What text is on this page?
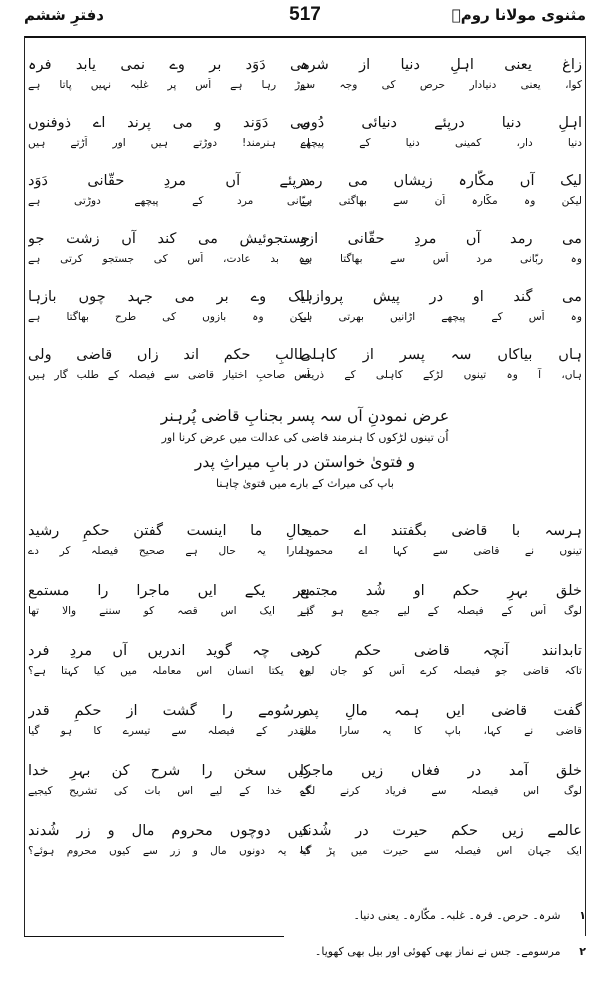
مثنوی مولانا رومؒ
517
دفترِ ششم
زاغ یعنی اہلِ دنیا از شرہ
می دَوَد بر وے نمی یابد فرہ
کوا، یعنی دنیادار حرص کی وجہ سے
دوڑ رہا ہے اُس پر غلبہ نہیں پاتا ہے
اہلِ دنیا درپئے دنیائی دُوں
می دَوَند و می پرند اے ذوفنوں
دنیا دار، کمینی دنیا کے پیچھے
اے ہنرمند! دوڑتے ہیں اور اُڑتے ہیں
لیک آں مکّارہ زیشاں می رمد
درپئے آں مردِ حقّانی دَوَد
لیکن وہ مکّارہ اُن سے بھاگتی ہے
ربّانی مرد کے پیچھے دوڑتی ہے
می رمد آں مردِ حقّانی ازو
جستجوئیش می کند آں زشت جو
وہ ربّانی مرد اُس سے بھاگتا ہے
وہ بد عادت، اُس کی جستجو کرتی ہے
می گند او در پیش پروازہا
لیک وے بر می جہد چوں بازہا
وہ اُس کے پیچھے اڑانیں بھرتی ہے
لیکن وہ بازوں کی طرح بھاگتا ہے
ہاں بیاکاں سہ پسر از کاہلی
طالبِ حکم اند زاں قاضی ولی
ہاں، آ وہ تینوں لڑکے کاہلی کے ذریعہ
اُس صاحبِ اختیار قاضی سے فیصلہ کے طلب گار ہیں
عرض نمودنِ آں سہ پسر بجنابِ قاضی پُرہنر
اُن تینوں لڑکوں کا ہنرمند قاضی کی عدالت میں عرض کرنا اور
و فتویٰ خواستن در بابِ میراثِ پدر
باپ کی میراث کے بارے میں فتویٰ چاہنا
ہرسہ با قاضی بگفتند اے حمید
حالِ ما اینست گفتن حکمِ رشید
تینوں نے قاضی سے کہا اے محمود!
ہمارا یہ حال ہے صحیح فیصلہ کر دے
خلق بہرِ حکم او شُد مجتمع
ہر یکے ایں ماجرا را مستمع
لوگ اُس کے فیصلہ کے لیے جمع ہو گئے
ہر ایک اس قصہ کو سننے والا تھا
تابدانند آنچہ قاضی حکم کرد
می چہ گوید اندریں آں مردِ فرد
تاکہ قاضی جو فیصلہ کرے اُس کو جان لیں
وہ یکتا انسان اس معاملہ میں کیا کہتا ہے؟
گفت قاضی ایں ہمہ مالِ پدر
مرسُومے را گشت از حکمِ قدر
قاضی نے کہا، باپ کا یہ سارا مال
مقدر کے فیصلہ سے تیسرے کا ہو گیا
خلق آمد در فغاں زیں ماجرا
کیں سخن را شرح کن بہرِ خدا
لوگ اس فیصلہ سے فریاد کرنے لگے
کہ خدا کے لیے اس بات کی تشریح کیجیے
عالمے زیں حکم حیرت در شُدند
کیں دوچوں محروم مال و زر شُدند
ایک جہان اس فیصلہ سے حیرت میں پڑ گیا
کہ یہ دونوں مال و زر سے کیوں محروم ہوئے؟
۱ شرہ۔ حرص۔ فرہ۔ غلبہ۔ مکّارہ۔ یعنی دنیا۔
۲ مرسومے۔ جس نے نماز بھی کھوئی اور بیل بھی کھویا۔
